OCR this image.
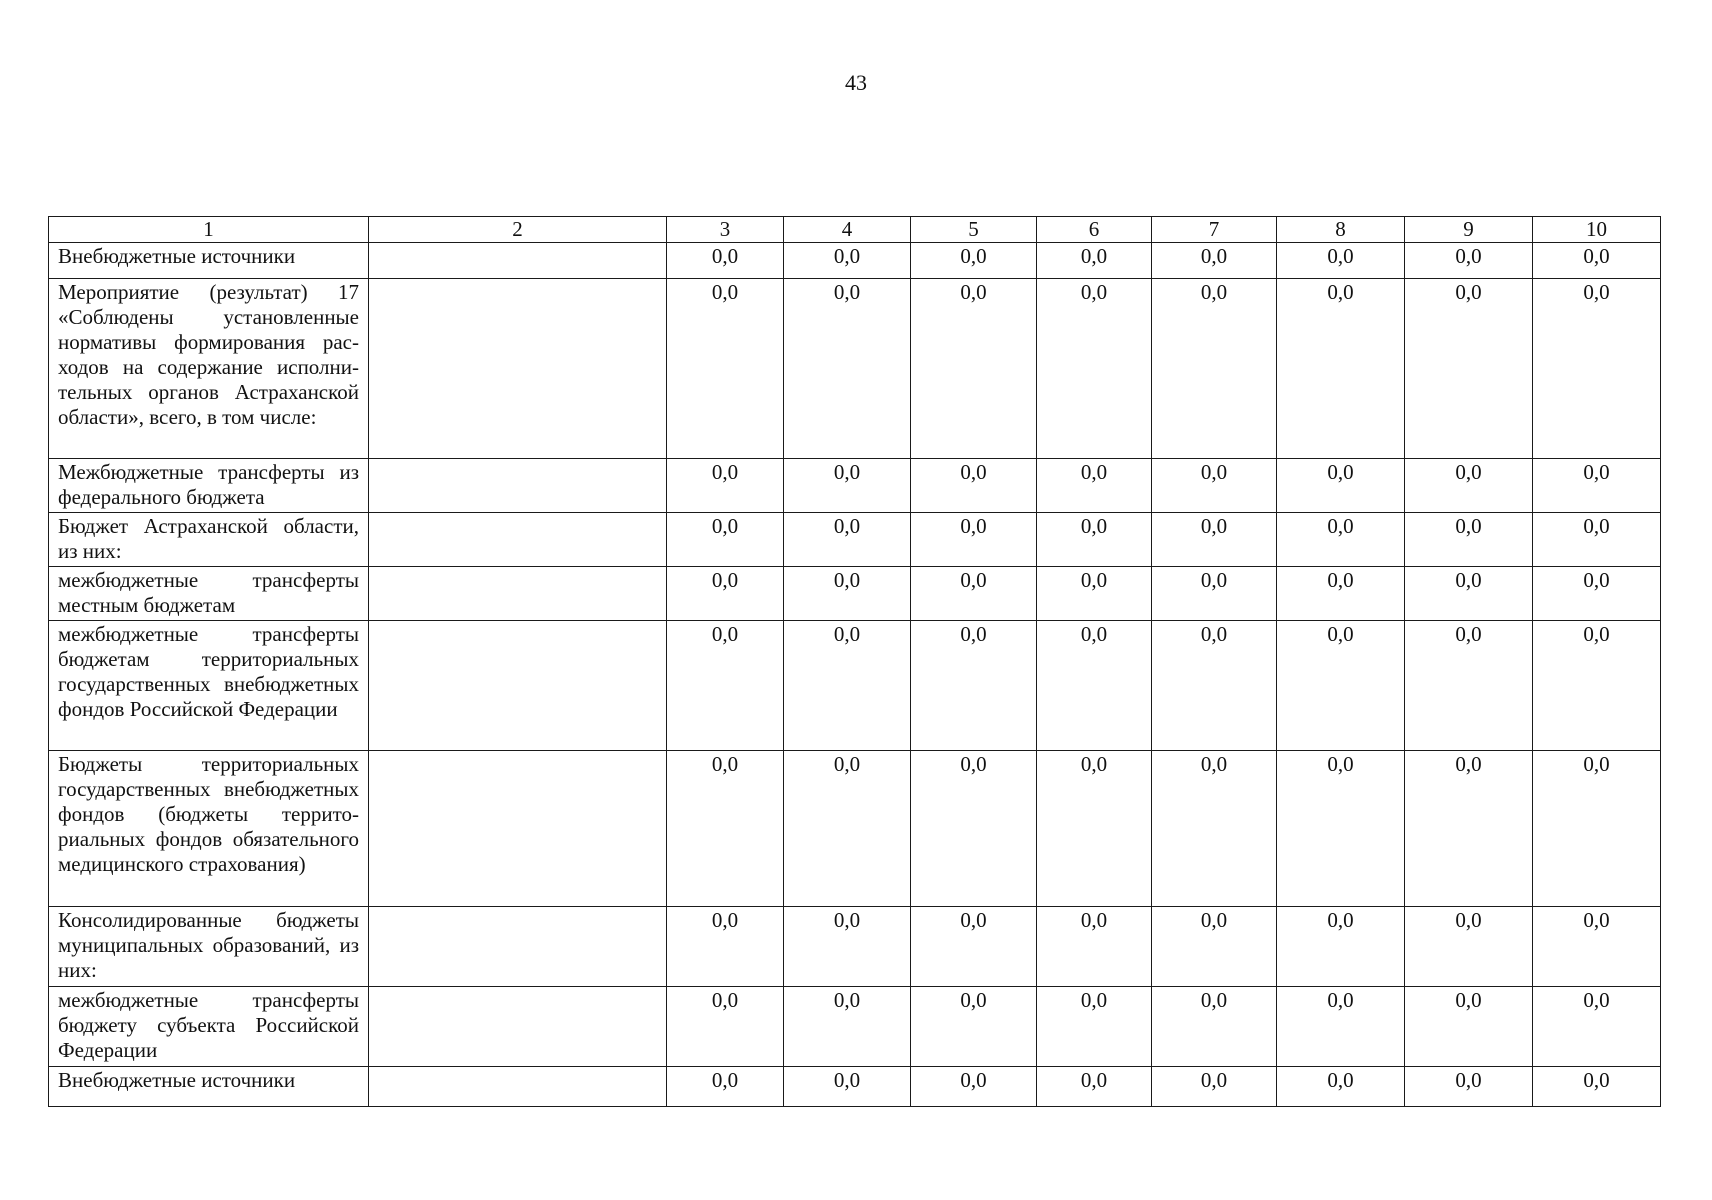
43
1	2	3	4	5	6	7	8	9	10
Внебюджетные источники		0,0	0,0	0,0	0,0	0,0	0,0	0,0	0,0
Мероприятие (результат) 17 «Соблюдены установленные нормативы формирования расходов на содержание исполнительных органов Астраханской области», всего, в том числе:		0,0	0,0	0,0	0,0	0,0	0,0	0,0	0,0
Межбюджетные трансферты из федерального бюджета		0,0	0,0	0,0	0,0	0,0	0,0	0,0	0,0
Бюджет Астраханской области, из них:		0,0	0,0	0,0	0,0	0,0	0,0	0,0	0,0
межбюджетные трансферты местным бюджетам		0,0	0,0	0,0	0,0	0,0	0,0	0,0	0,0
межбюджетные трансферты бюджетам территориальных государственных внебюджетных фондов Российской Федерации		0,0	0,0	0,0	0,0	0,0	0,0	0,0	0,0
Бюджеты территориальных государственных внебюджетных фондов (бюджеты территориальных фондов обязательного медицинского страхования)		0,0	0,0	0,0	0,0	0,0	0,0	0,0	0,0
Консолидированные бюджеты муниципальных образований, из них:		0,0	0,0	0,0	0,0	0,0	0,0	0,0	0,0
межбюджетные трансферты бюджету субъекта Российской Федерации		0,0	0,0	0,0	0,0	0,0	0,0	0,0	0,0
Внебюджетные источники		0,0	0,0	0,0	0,0	0,0	0,0	0,0	0,0
